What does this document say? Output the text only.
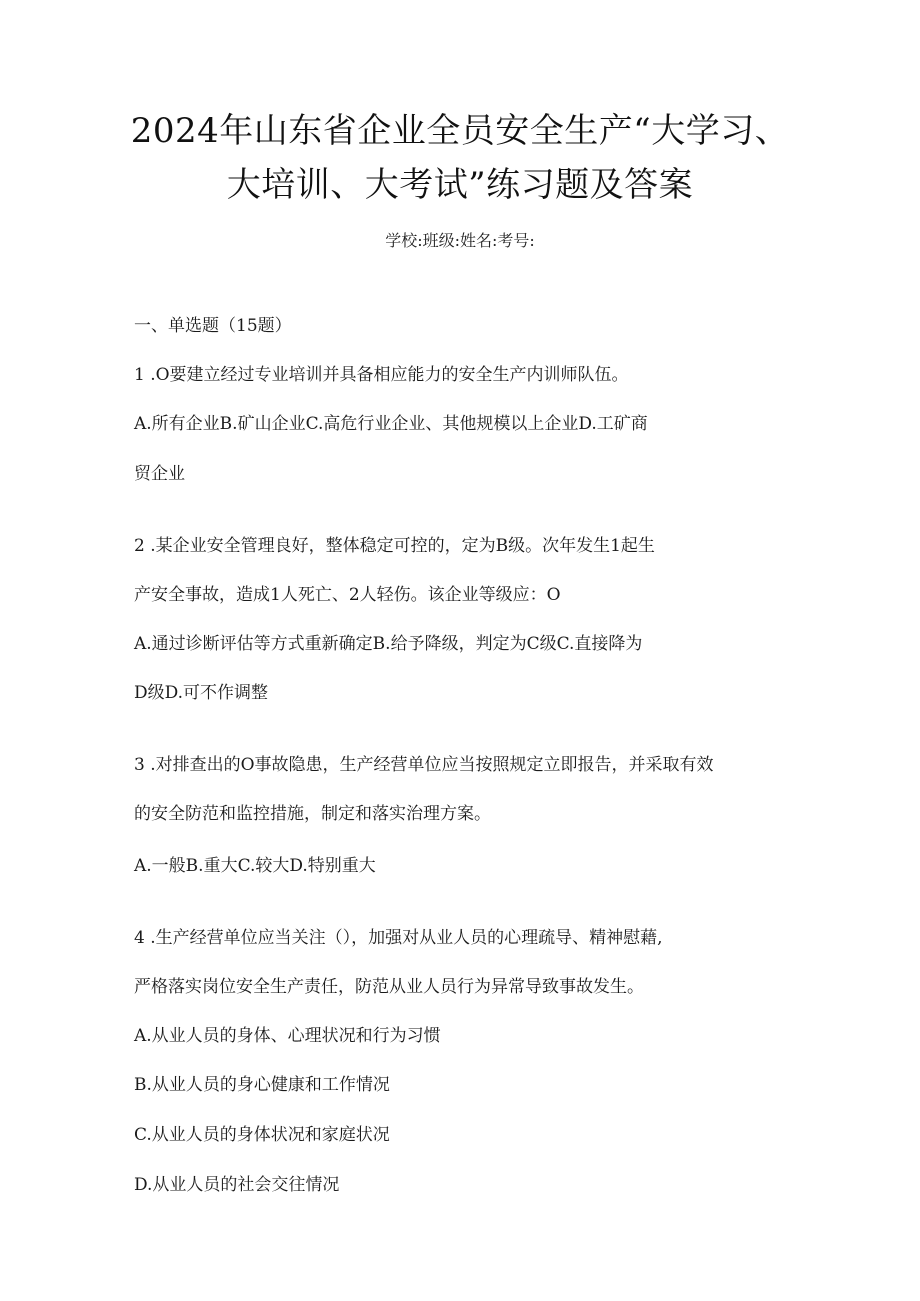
2024年山东省企业全员安全生产“大学习、
大培训、大考试”练习题及答案
学校:班级:姓名:考号:
一、单选题（15题）
1 .O要建立经过专业培训并具备相应能力的安全生产内训师队伍。
A.所有企业B.矿山企业C.高危行业企业、其他规模以上企业D.工矿商
贸企业
2 .某企业安全管理良好，整体稳定可控的，定为B级。次年发生1起生
产安全事故，造成1人死亡、2人轻伤。该企业等级应：O
A.通过诊断评估等方式重新确定B.给予降级，判定为C级C.直接降为
D级D.可不作调整
3 .对排查出的O事故隐患，生产经营单位应当按照规定立即报告，并采取有效
的安全防范和监控措施，制定和落实治理方案。
A.一般B.重大C.较大D.特别重大
4 .生产经营单位应当关注（），加强对从业人员的心理疏导、精神慰藉,
严格落实岗位安全生产责任，防范从业人员行为异常导致事故发生。
A.从业人员的身体、心理状况和行为习惯
B.从业人员的身心健康和工作情况
C.从业人员的身体状况和家庭状况
D.从业人员的社会交往情况
